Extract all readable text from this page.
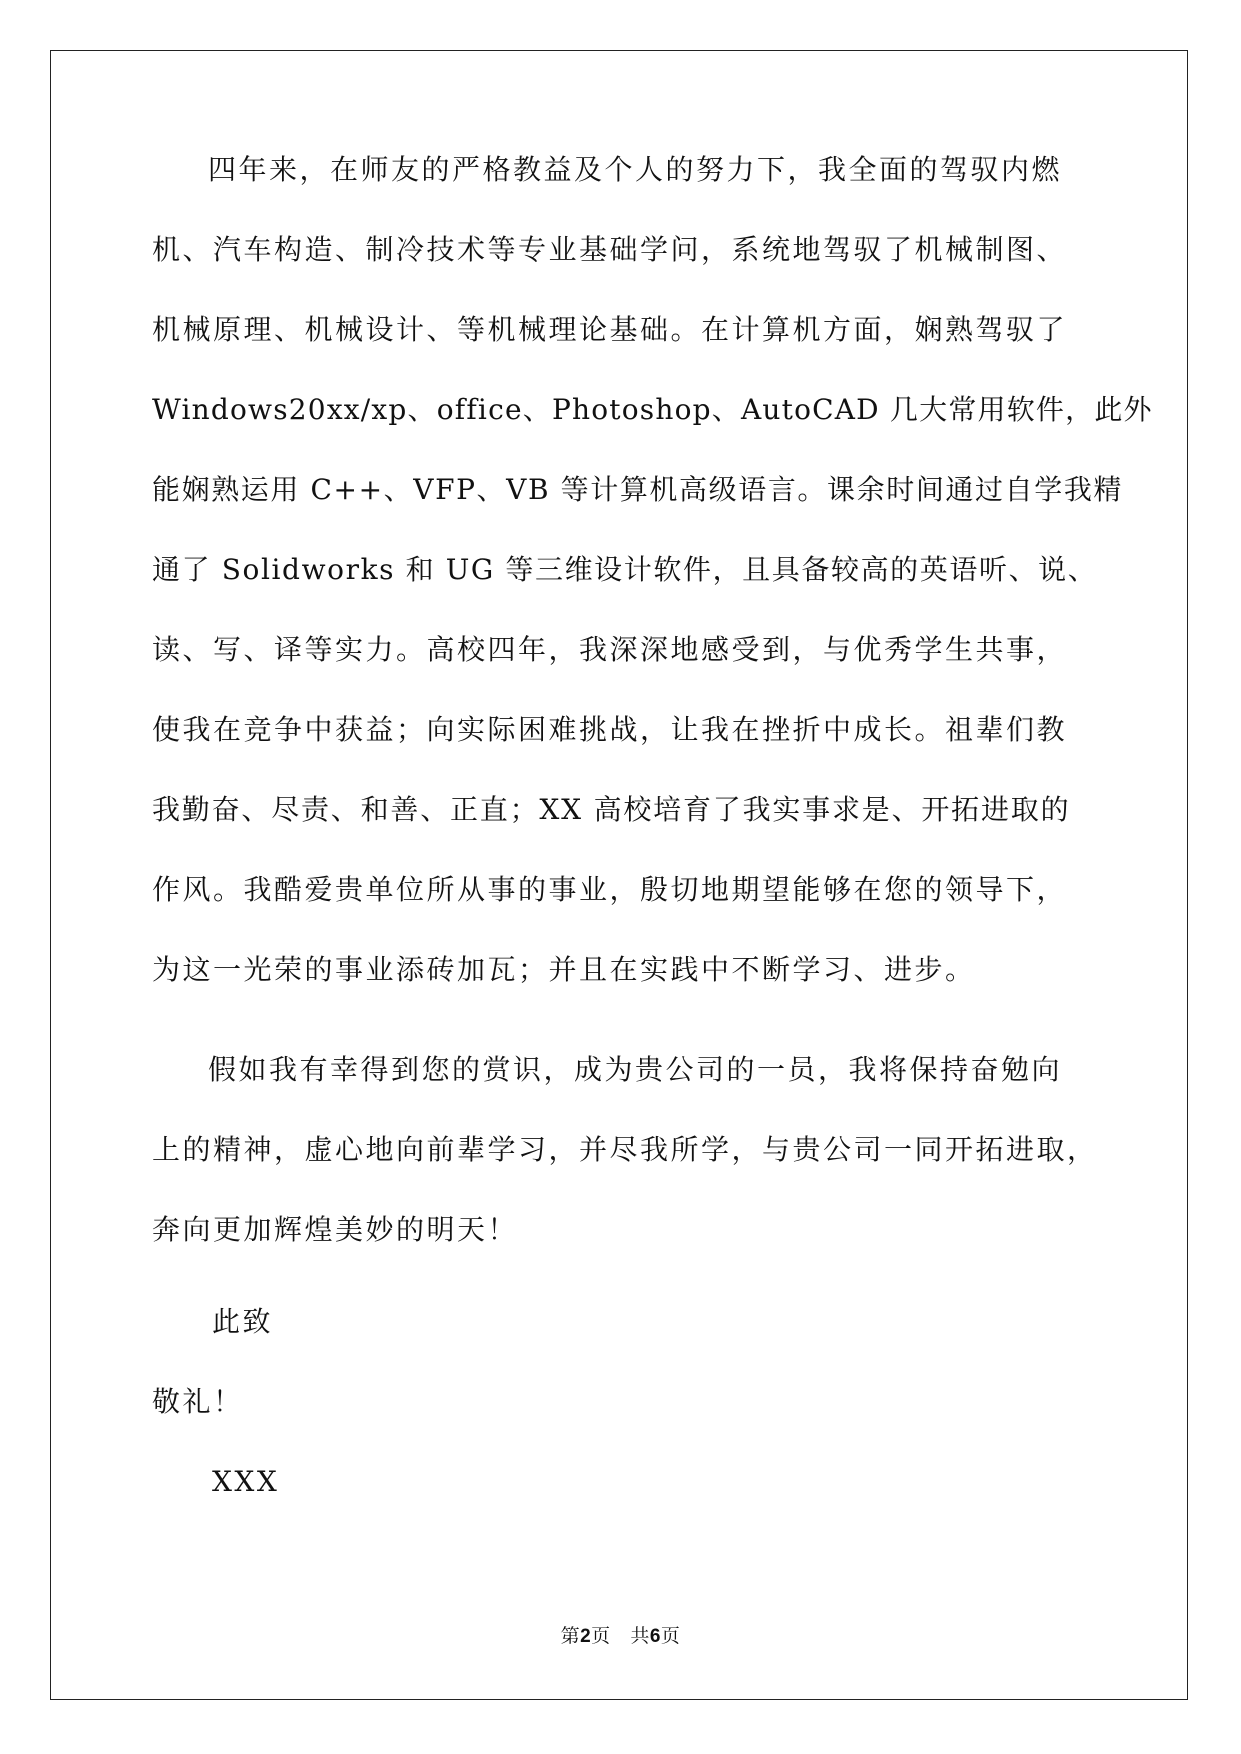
四年来，在师友的严格教益及个人的努力下，我全面的驾驭内燃
机、汽车构造、制冷技术等专业基础学问，系统地驾驭了机械制图、
机械原理、机械设计、等机械理论基础。在计算机方面，娴熟驾驭了
Windows20xx/xp、office、Photoshop、AutoCAD 几大常用软件，此外
能娴熟运用 C++、VFP、VB 等计算机高级语言。课余时间通过自学我精
通了 Solidworks 和 UG 等三维设计软件，且具备较高的英语听、说、
读、写、译等实力。高校四年，我深深地感受到，与优秀学生共事，
使我在竞争中获益；向实际困难挑战，让我在挫折中成长。祖辈们教
我勤奋、尽责、和善、正直；XX 高校培育了我实事求是、开拓进取的
作风。我酷爱贵单位所从事的事业，殷切地期望能够在您的领导下，
为这一光荣的事业添砖加瓦；并且在实践中不断学习、进步。
假如我有幸得到您的赏识，成为贵公司的一员，我将保持奋勉向
上的精神，虚心地向前辈学习，并尽我所学，与贵公司一同开拓进取，
奔向更加辉煌美妙的明天！
此致
敬礼！
XXX
第2页 共6页
